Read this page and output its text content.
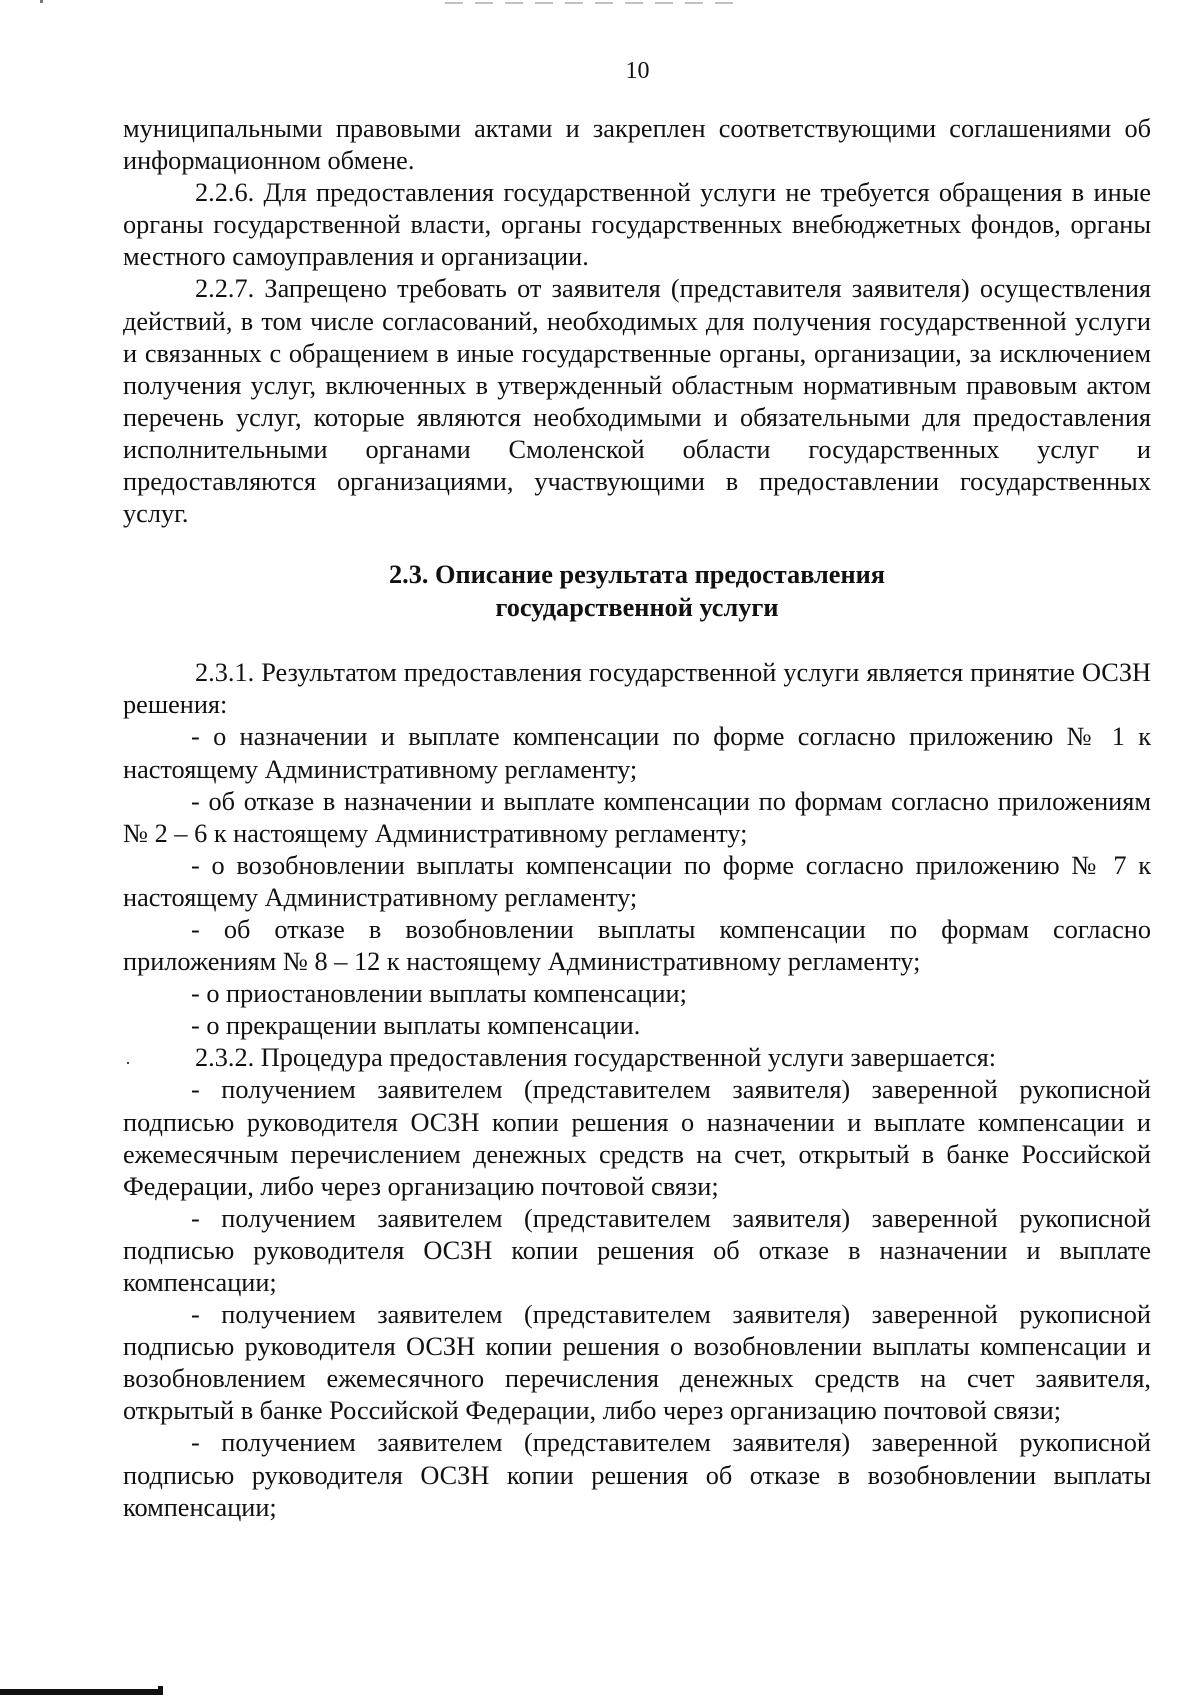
10

муниципальными правовыми актами и закреплен соответствующими соглашениями об информационном обмене.

2.2.6. Для предоставления государственной услуги не требуется обращения в иные органы государственной власти, органы государственных внебюджетных фондов, органы местного самоуправления и организации.

2.2.7. Запрещено требовать от заявителя (представителя заявителя) осуществления действий, в том числе согласований, необходимых для получения государственной услуги и связанных с обращением в иные государственные органы, организации, за исключением получения услуг, включенных в утвержденный областным нормативным правовым актом перечень услуг, которые являются необходимыми и обязательными для предоставления исполнительными органами Смоленской области государственных услуг и предоставляются организациями, участвующими в предоставлении государственных услуг.

2.3. Описание результата предоставления
государственной услуги

2.3.1. Результатом предоставления государственной услуги является принятие ОСЗН решения:

- о назначении и выплате компенсации по форме согласно приложению № 1 к настоящему Административному регламенту;

- об отказе в назначении и выплате компенсации по формам согласно приложениям № 2 – 6 к настоящему Административному регламенту;

- о возобновлении выплаты компенсации по форме согласно приложению № 7 к настоящему Административному регламенту;

- об отказе в возобновлении выплаты компенсации по формам согласно приложениям № 8 – 12 к настоящему Административному регламенту;

- о приостановлении выплаты компенсации;

- о прекращении выплаты компенсации.

2.3.2. Процедура предоставления государственной услуги завершается:

- получением заявителем (представителем заявителя) заверенной рукописной подписью руководителя ОСЗН копии решения о назначении и выплате компенсации и ежемесячным перечислением денежных средств на счет, открытый в банке Российской Федерации, либо через организацию почтовой связи;

- получением заявителем (представителем заявителя) заверенной рукописной подписью руководителя ОСЗН копии решения об отказе в назначении и выплате компенсации;

- получением заявителем (представителем заявителя) заверенной рукописной подписью руководителя ОСЗН копии решения о возобновлении выплаты компенсации и возобновлением ежемесячного перечисления денежных средств на счет заявителя, открытый в банке Российской Федерации, либо через организацию почтовой связи;

- получением заявителем (представителем заявителя) заверенной рукописной подписью руководителя ОСЗН копии решения об отказе в возобновлении выплаты компенсации;
